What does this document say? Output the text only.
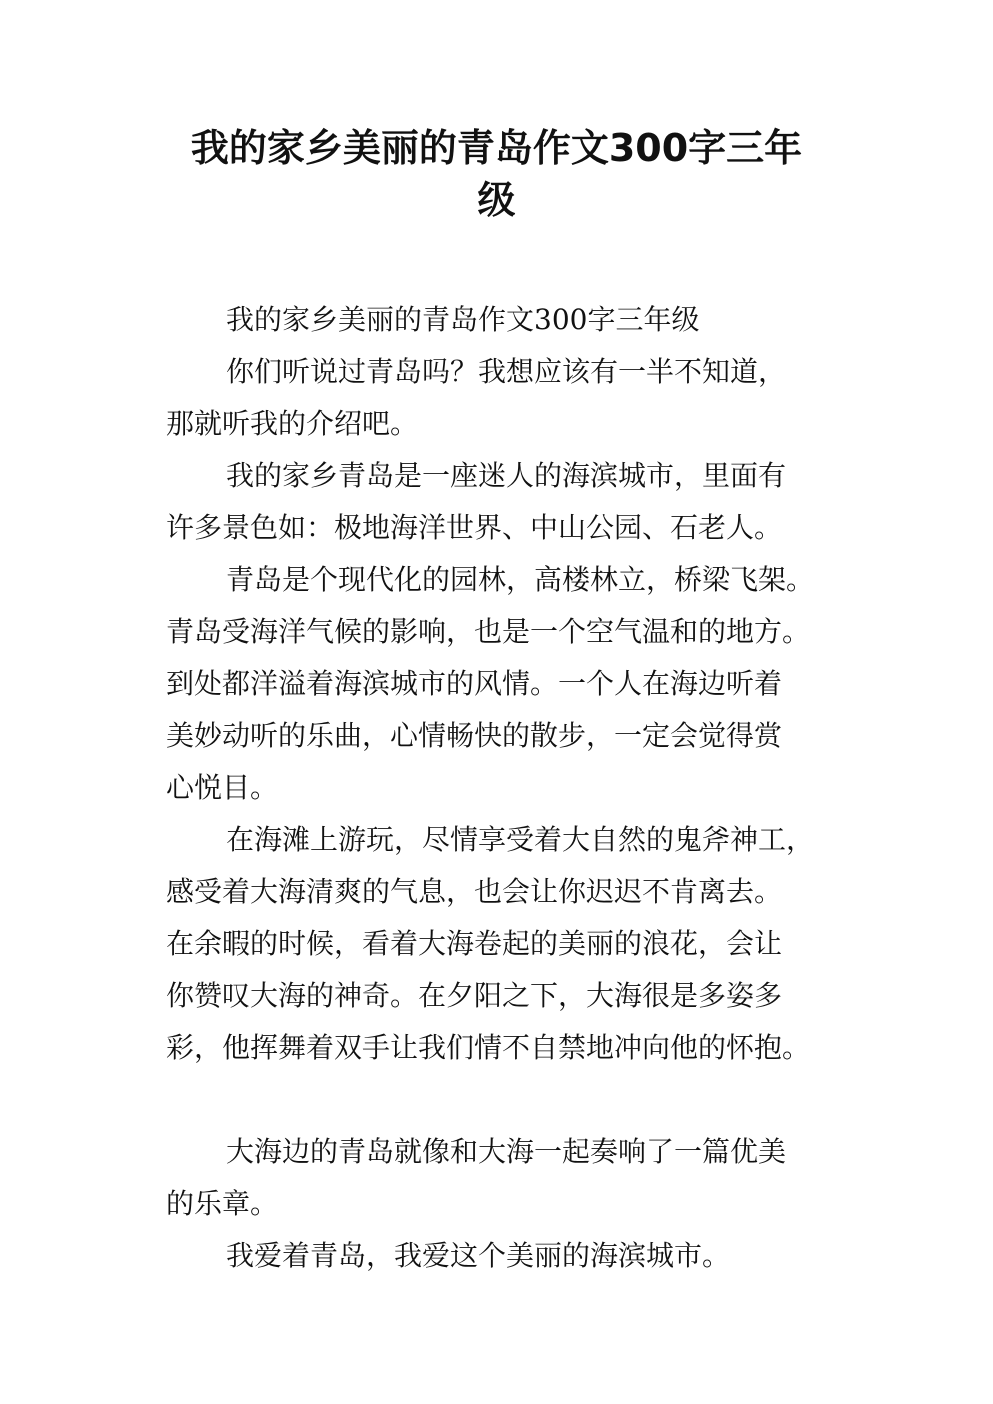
我的家乡美丽的青岛作文300字三年
级
我的家乡美丽的青岛作文300字三年级
你们听说过青岛吗？我想应该有一半不知道，
那就听我的介绍吧。
我的家乡青岛是一座迷人的海滨城市，里面有
许多景色如：极地海洋世界、中山公园、石老人。
青岛是个现代化的园林，高楼林立，桥梁飞架。
青岛受海洋气候的影响，也是一个空气温和的地方。
到处都洋溢着海滨城市的风情。一个人在海边听着
美妙动听的乐曲，心情畅快的散步，一定会觉得赏
心悦目。
在海滩上游玩，尽情享受着大自然的鬼斧神工，
感受着大海清爽的气息，也会让你迟迟不肯离去。
在余暇的时候，看着大海卷起的美丽的浪花，会让
你赞叹大海的神奇。在夕阳之下，大海很是多姿多
彩，他挥舞着双手让我们情不自禁地冲向他的怀抱。
大海边的青岛就像和大海一起奏响了一篇优美
的乐章。
我爱着青岛，我爱这个美丽的海滨城市。
